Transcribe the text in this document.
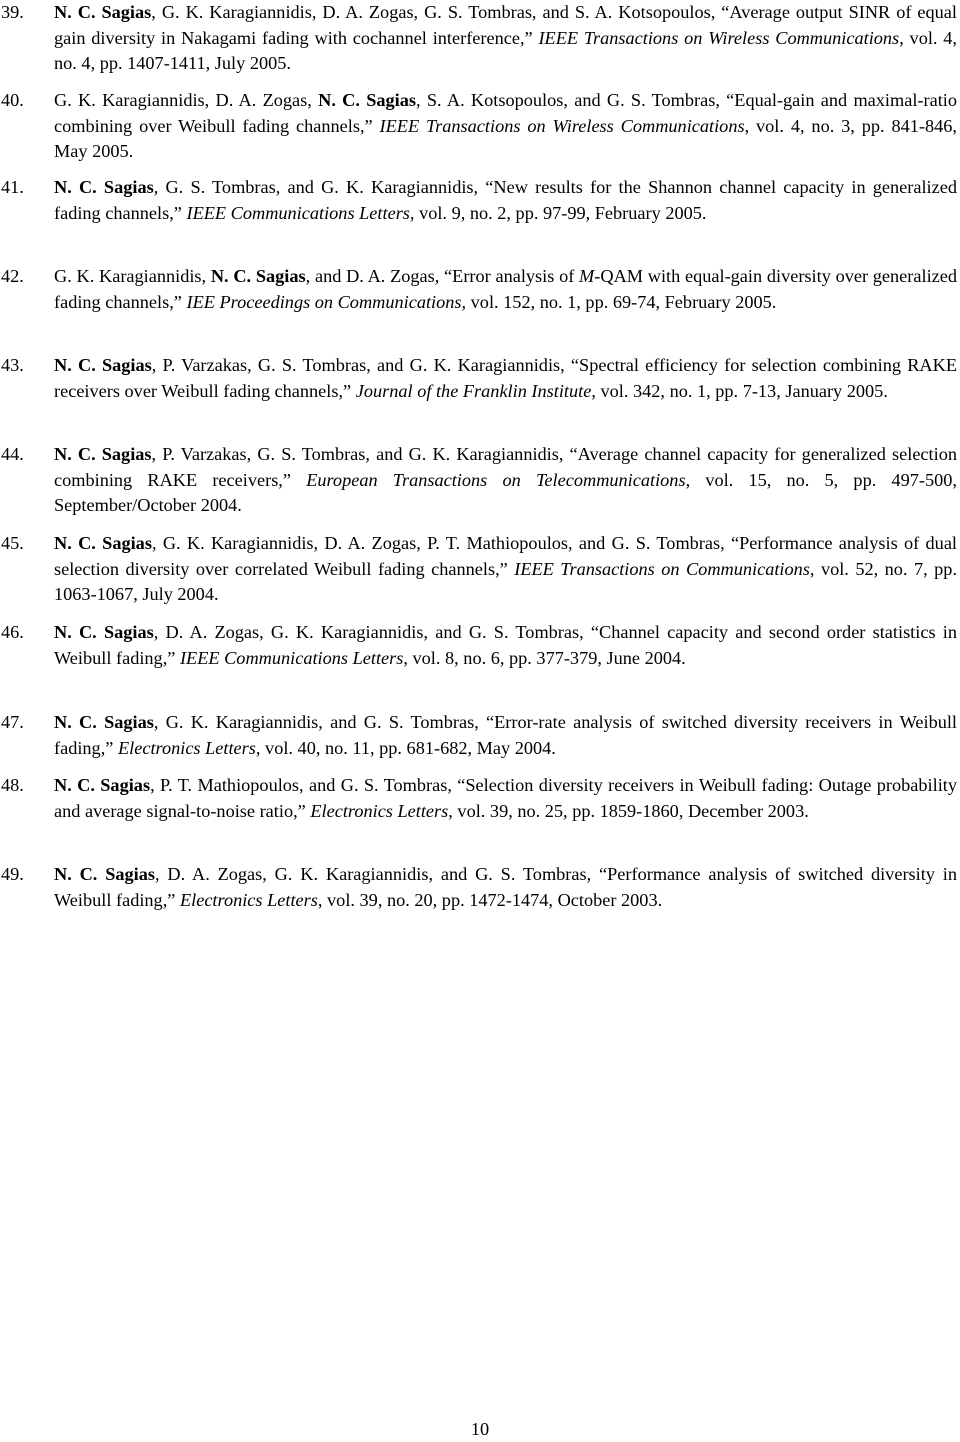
39.	N. C. Sagias, G. K. Karagiannidis, D. A. Zogas, G. S. Tombras, and S. A. Kotsopoulos, “Average output SINR of equal gain diversity in Nakagami fading with cochannel interference,” IEEE Transactions on Wireless Communications, vol. 4, no. 4, pp. 1407-1411, July 2005.
40.	G. K. Karagiannidis, D. A. Zogas, N. C. Sagias, S. A. Kotsopoulos, and G. S. Tombras, “Equal-gain and maximal-ratio combining over Weibull fading channels,” IEEE Transactions on Wireless Communications, vol. 4, no. 3, pp. 841-846, May 2005.
41.	N. C. Sagias, G. S. Tombras, and G. K. Karagiannidis, “New results for the Shannon channel capacity in generalized fading channels,” IEEE Communications Letters, vol. 9, no. 2, pp. 97-99, February 2005.
42.	G. K. Karagiannidis, N. C. Sagias, and D. A. Zogas, “Error analysis of M-QAM with equal-gain diversity over generalized fading channels,” IEE Proceedings on Communications, vol. 152, no. 1, pp. 69-74, February 2005.
43.	N. C. Sagias, P. Varzakas, G. S. Tombras, and G. K. Karagiannidis, “Spectral efficiency for selection combining RAKE receivers over Weibull fading channels,” Journal of the Franklin Institute, vol. 342, no. 1, pp. 7-13, January 2005.
44.	N. C. Sagias, P. Varzakas, G. S. Tombras, and G. K. Karagiannidis, “Average channel capacity for generalized selection combining RAKE receivers,” European Transactions on Telecommunications, vol. 15, no. 5, pp. 497-500, September/October 2004.
45.	N. C. Sagias, G. K. Karagiannidis, D. A. Zogas, P. T. Mathiopoulos, and G. S. Tombras, “Performance analysis of dual selection diversity over correlated Weibull fading channels,” IEEE Transactions on Communications, vol. 52, no. 7, pp. 1063-1067, July 2004.
46.	N. C. Sagias, D. A. Zogas, G. K. Karagiannidis, and G. S. Tombras, “Channel capacity and second order statistics in Weibull fading,” IEEE Communications Letters, vol. 8, no. 6, pp. 377-379, June 2004.
47.	N. C. Sagias, G. K. Karagiannidis, and G. S. Tombras, “Error-rate analysis of switched diversity receivers in Weibull fading,” Electronics Letters, vol. 40, no. 11, pp. 681-682, May 2004.
48.	N. C. Sagias, P. T. Mathiopoulos, and G. S. Tombras, “Selection diversity receivers in Weibull fading: Outage probability and average signal-to-noise ratio,” Electronics Letters, vol. 39, no. 25, pp. 1859-1860, December 2003.
49.	N. C. Sagias, D. A. Zogas, G. K. Karagiannidis, and G. S. Tombras, “Performance analysis of switched diversity in Weibull fading,” Electronics Letters, vol. 39, no. 20, pp. 1472-1474, October 2003.
10
